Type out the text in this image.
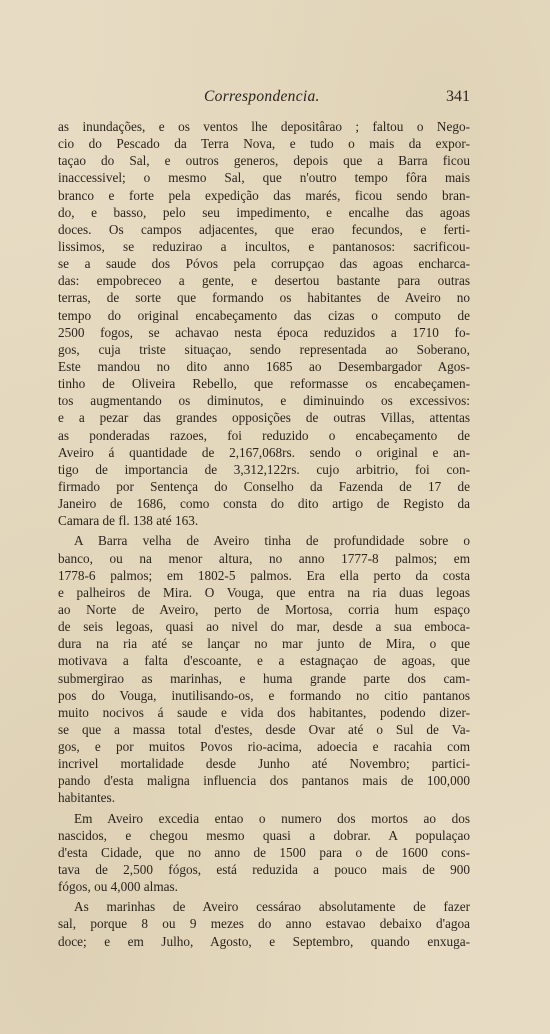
Correspondencia.	341
as inundações, e os ventos lhe depositârao ; faltou o Nego-
cio do Pescado da Terra Nova, e tudo o mais da expor-
taçao do Sal, e outros generos, depois que a Barra ficou
inaccessivel; o mesmo Sal, que n'outro tempo fôra mais
branco e forte pela expedição das marés, ficou sendo bran-
do, e basso, pelo seu impedimento, e encalhe das agoas
doces. Os campos adjacentes, que erao fecundos, e ferti-
lissimos, se reduzirao a incultos, e pantanosos: sacrificou-
se a saude dos Póvos pela corrupçao das agoas encharca-
das: empobreceo a gente, e desertou bastante para outras
terras, de sorte que formando os habitantes de Aveiro no
tempo do original encabeçamento das cizas o computo de
2500 fogos, se achavao nesta época reduzidos a 1710 fo-
gos, cuja triste situaçao, sendo representada ao Soberano,
Este mandou no dito anno 1685 ao Desembargador Agos-
tinho de Oliveira Rebello, que reformasse os encabeçamen-
tos augmentando os diminutos, e diminuindo os excessivos:
e a pezar das grandes opposições de outras Villas, attentas
as ponderadas razoes, foi reduzido o encabeçamento de
Aveiro á quantidade de 2,167,068rs. sendo o original e an-
tigo de importancia de 3,312,122rs. cujo arbitrio, foi con-
firmado por Sentença do Conselho da Fazenda de 17 de
Janeiro de 1686, como consta do dito artigo de Registo da
Camara de fl. 138 até 163.
A Barra velha de Aveiro tinha de profundidade sobre o
banco, ou na menor altura, no anno 1777-8 palmos; em
1778-6 palmos; em 1802-5 palmos. Era ella perto da costa
e palheiros de Mira. O Vouga, que entra na ria duas legoas
ao Norte de Aveiro, perto de Mortosa, corria hum espaço
de seis legoas, quasi ao nivel do mar, desde a sua emboca-
dura na ria até se lançar no mar junto de Mira, o que
motivava a falta d'escoante, e a estagnaçao de agoas, que
submergirao as marinhas, e huma grande parte dos cam-
pos do Vouga, inutilisando-os, e formando no citio pantanos
muito nocivos á saude e vida dos habitantes, podendo dizer-
se que a massa total d'estes, desde Ovar até o Sul de Va-
gos, e por muitos Povos rio-acima, adoecia e racahia com
incrivel mortalidade desde Junho até Novembro; partici-
pando d'esta maligna influencia dos pantanos mais de 100,000
habitantes.
Em Aveiro excedia entao o numero dos mortos ao dos
nascidos, e chegou mesmo quasi a dobrar. A populaçao
d'esta Cidade, que no anno de 1500 para o de 1600 cons-
tava de 2,500 fógos, está reduzida a pouco mais de 900
fógos, ou 4,000 almas.
As marinhas de Aveiro cessárao absolutamente de fazer
sal, porque 8 ou 9 mezes do anno estavao debaixo d'agoa
doce; e em Julho, Agosto, e Septembro, quando enxuga-
